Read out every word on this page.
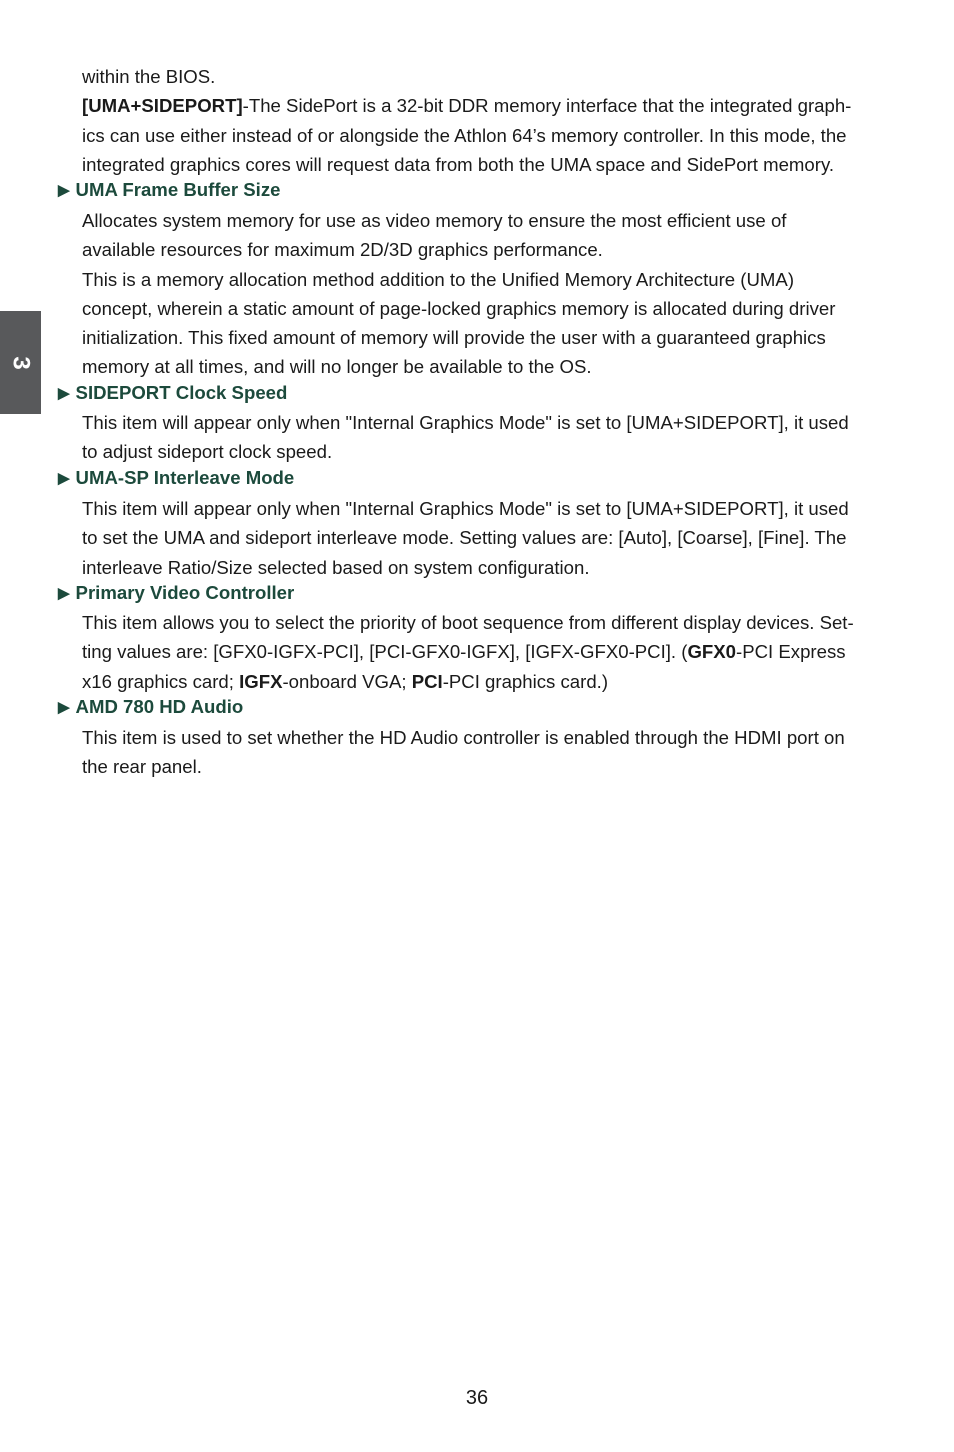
3
within the BIOS.
[UMA+SIDEPORT]-The SidePort is a 32-bit DDR memory interface that the integrated graph-
ics can use either instead of or alongside the Athlon 64’s memory controller. In this mode, the
integrated graphics cores will request data from both the UMA space and SidePort memory.
▶ UMA Frame Buffer Size
Allocates system memory for use as video memory to ensure the most efficient use of
available resources for maximum 2D/3D graphics performance.
This is a memory allocation method addition to the Unified Memory Architecture (UMA)
concept, wherein a static amount of page-locked graphics memory is allocated during driver
initialization. This fixed amount of memory will provide the user with a guaranteed graphics
memory at all times, and will no longer be available to the OS.
▶ SIDEPORT Clock Speed
This item will appear only when "Internal Graphics Mode" is set to [UMA+SIDEPORT], it used
to adjust sideport clock speed.
▶ UMA-SP Interleave Mode
This item will appear only when "Internal Graphics Mode" is set to [UMA+SIDEPORT], it used
to set the UMA and sideport interleave mode. Setting values are: [Auto], [Coarse], [Fine]. The
interleave Ratio/Size selected based on system configuration.
▶ Primary Video Controller
This item allows you to select the priority of boot sequence from different display devices. Set-
ting values are: [GFX0-IGFX-PCI], [PCI-GFX0-IGFX], [IGFX-GFX0-PCI]. (GFX0-PCI Express
x16 graphics card; IGFX-onboard VGA; PCI-PCI graphics card.)
▶ AMD 780 HD Audio
This item is used to set whether the HD Audio controller is enabled through the HDMI port on
the rear panel.
36
